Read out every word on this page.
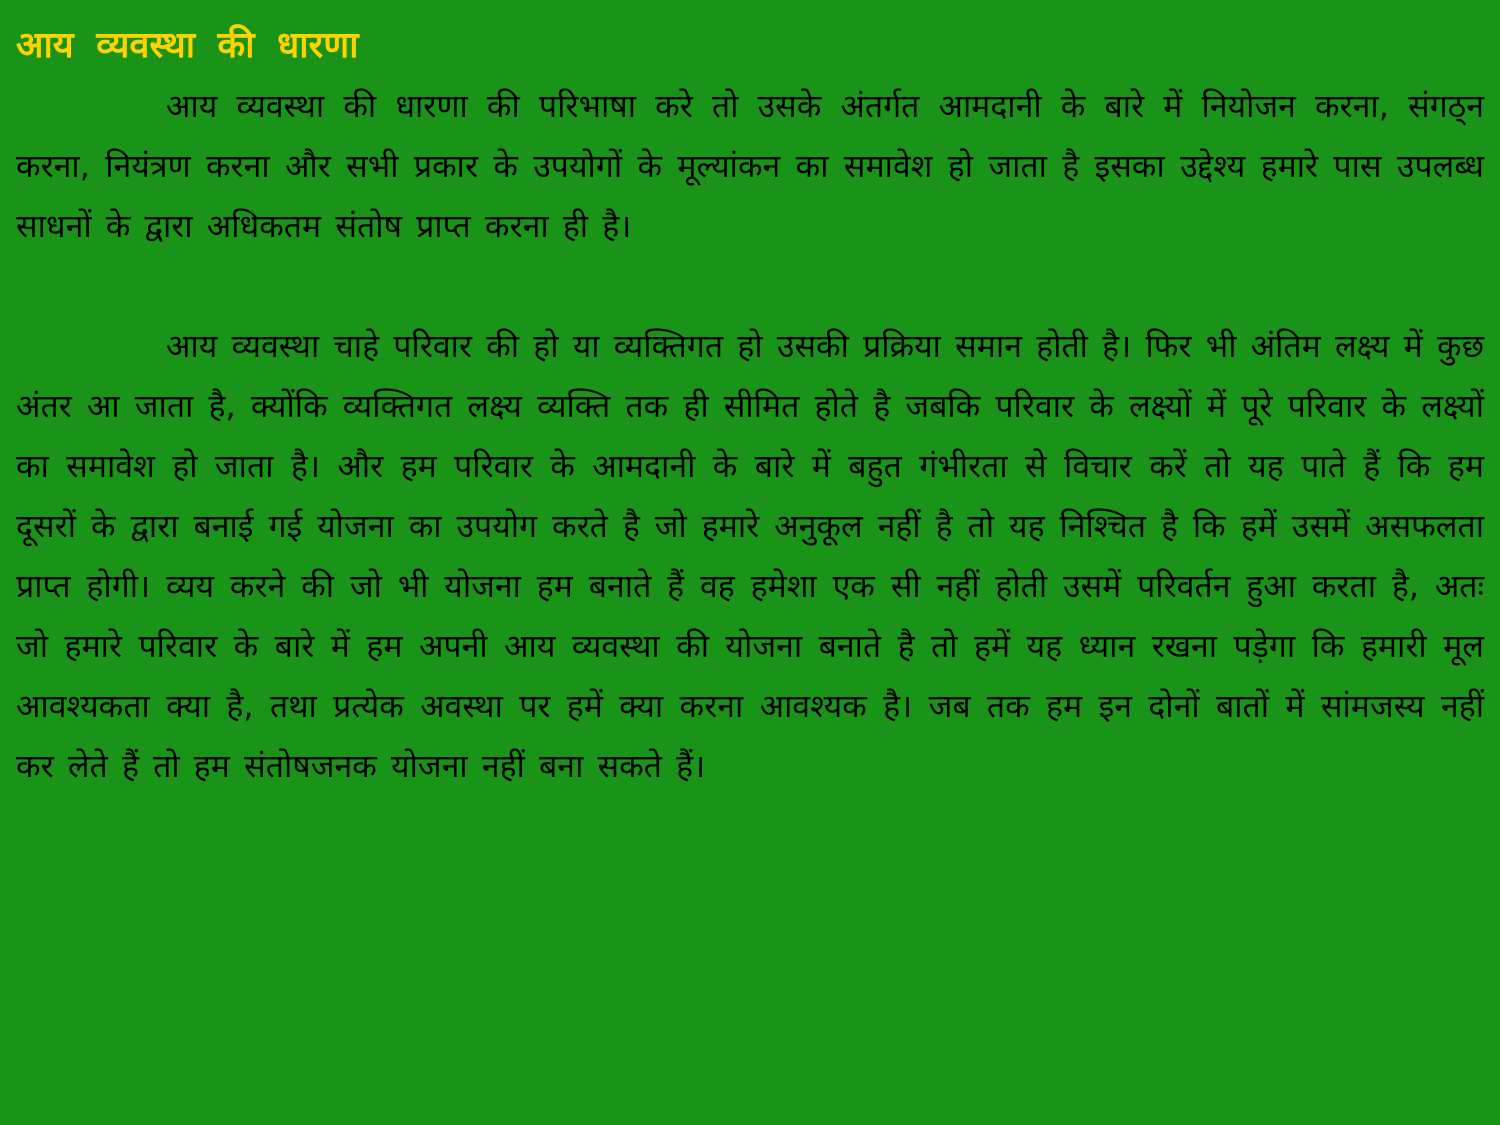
आय व्यवस्था की धारणा

आय व्यवस्था की धारणा की परिभाषा करे तो उसके अंतर्गत आमदानी के बारे में नियोजन करना, संगठ्न करना, नियंत्रण करना और सभी प्रकार के उपयोगों के मूल्यांकन का समावेश हो जाता है इसका उद्देश्य हमारे पास उपलब्ध साधनों के द्वारा अधिकतम संतोष प्राप्त करना ही है।

आय व्यवस्था चाहे परिवार की हो या व्यक्तिगत हो उसकी प्रक्रिया समान होती है। फिर भी अंतिम लक्ष्य में कुछ अंतर आ जाता है, क्योंकि व्यक्तिगत लक्ष्य व्यक्ति तक ही सीमित होते है जबकि परिवार के लक्ष्यों में पूरे परिवार के लक्ष्यों का समावेश हो जाता है। और हम परिवार के आमदानी के बारे में बहुत गंभीरता से विचार करें तो यह पाते हैं कि हम दूसरों के द्वारा बनाई गई योजना का उपयोग करते है जो हमारे अनुकूल नहीं है तो यह निश्चित है कि हमें उसमें असफलता प्राप्त होगी। व्यय करने की जो भी योजना हम बनाते हैं वह हमेशा एक सी नहीं होती उसमें परिवर्तन हुआ करता है, अतः जो हमारे परिवार के बारे में हम अपनी आय व्यवस्था की योजना बनाते है तो हमें यह ध्यान रखना पड़ेगा कि हमारी मूल आवश्यकता क्या है, तथा प्रत्येक अवस्था पर हमें क्या करना आवश्यक है। जब तक हम इन दोनों बातों में सांमजस्य नहीं कर लेते हैं तो हम संतोषजनक योजना नहीं बना सकते हैं।
